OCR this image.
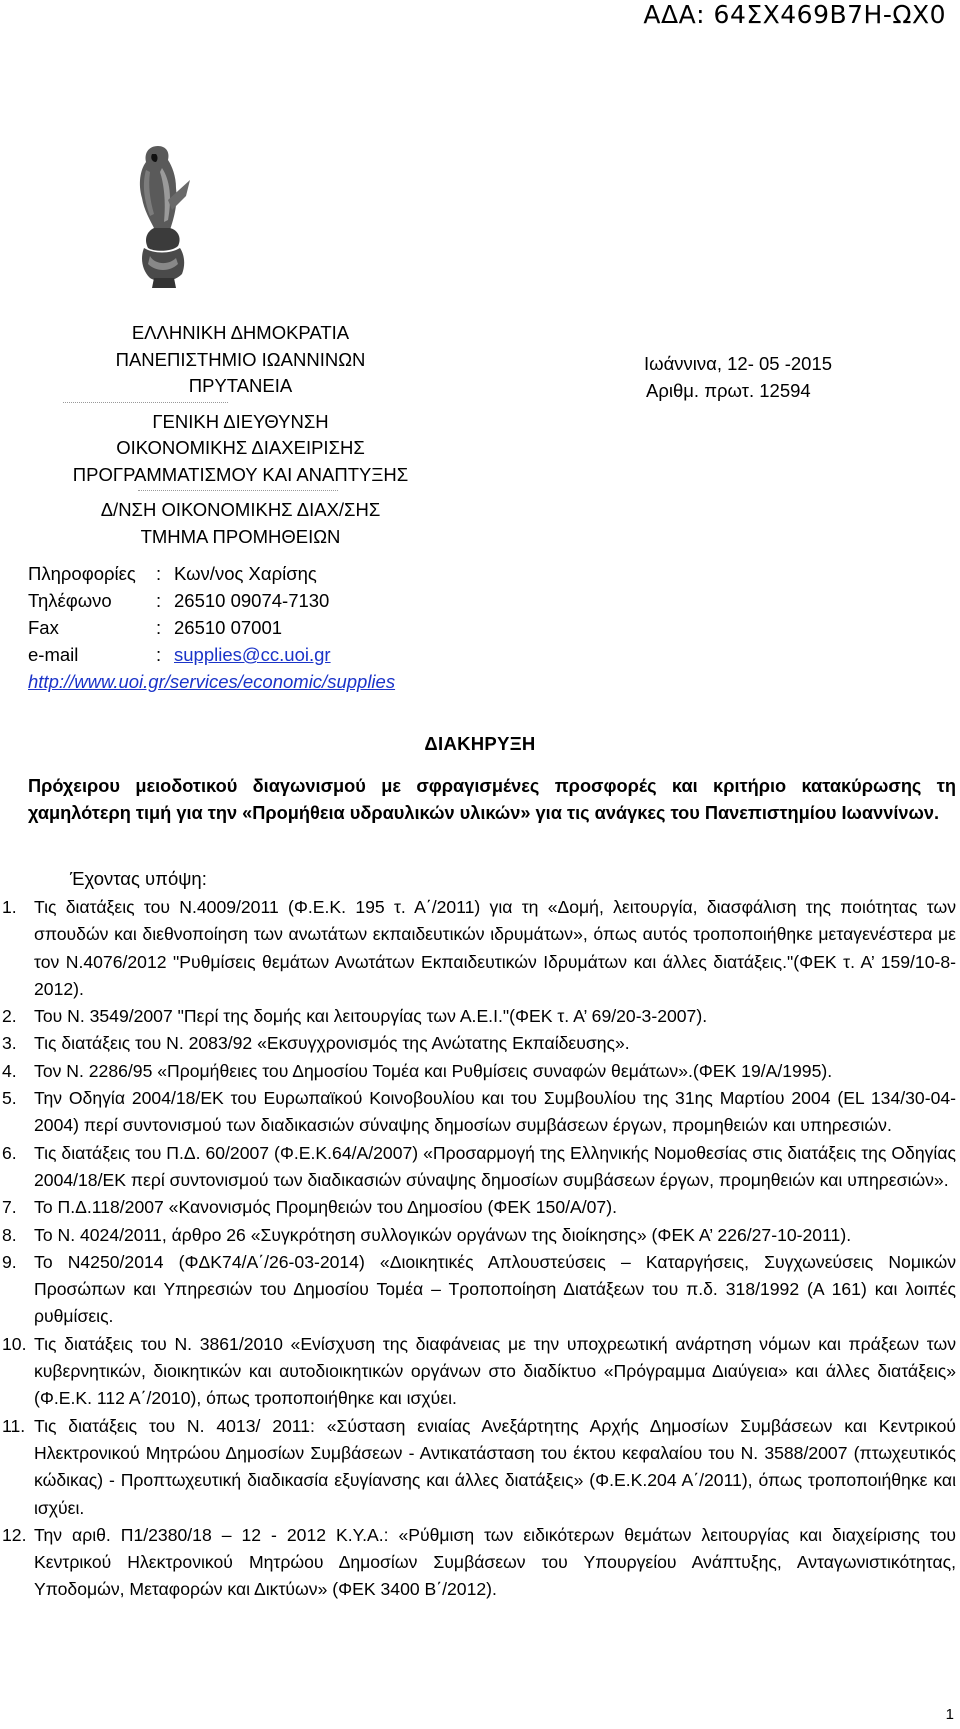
ΑΔΑ: 64ΣΧ469Β7Η-ΩΧ0
ΕΛΛΗΝΙΚΗ ΔΗΜΟΚΡΑΤΙΑ
ΠΑΝΕΠΙΣΤΗΜΙΟ ΙΩΑΝΝΙΝΩΝ
ΠΡΥΤΑΝΕΙΑ
ΓΕΝΙΚΗ ΔΙΕΥΘΥΝΣΗ
ΟΙΚΟΝΟΜΙΚΗΣ ΔΙΑΧΕΙΡΙΣΗΣ
ΠΡΟΓΡΑΜΜΑΤΙΣΜΟΥ ΚΑΙ ΑΝΑΠΤΥΞΗΣ
Δ/ΝΣΗ ΟΙΚΟΝΟΜΙΚΗΣ ΔΙΑΧ/ΣΗΣ
ΤΜΗΜΑ ΠΡΟΜΗΘΕΙΩΝ
Πληροφορίες	: Κων/νος Χαρίσης
Τηλέφωνο	: 26510 09074-7130
Fax	: 26510 07001
e-mail	: supplies@cc.uoi.gr
http://www.uoi.gr/services/economic/supplies
Ιωάννινα, 12- 05 -2015
Αριθμ. πρωτ. 12594
ΔΙΑΚΗΡΥΞΗ
Πρόχειρου μειοδοτικού διαγωνισμού με σφραγισμένες προσφορές και κριτήριο κατακύρωσης τη χαμηλότερη τιμή για την «Προμήθεια υδραυλικών υλικών» για τις ανάγκες του Πανεπιστημίου Ιωαννίνων.
Έχοντας υπόψη:
1. Τις διατάξεις του Ν.4009/2011 (Φ.Ε.Κ. 195 τ. Α΄/2011) για τη «Δομή, λειτουργία, διασφάλιση της ποιότητας των σπουδών και διεθνοποίηση των ανωτάτων εκπαιδευτικών ιδρυμάτων», όπως αυτός τροποποιήθηκε μεταγενέστερα με τον Ν.4076/2012 "Ρυθμίσεις θεμάτων Ανωτάτων Εκπαιδευτικών Ιδρυμάτων και άλλες διατάξεις."(ΦΕΚ τ. Α’ 159/10-8-2012).
2. Του Ν. 3549/2007 "Περί της δομής και λειτουργίας των Α.Ε.Ι."(ΦΕΚ τ. Α’ 69/20-3-2007).
3. Τις διατάξεις του Ν. 2083/92 «Εκσυγχρονισμός της Ανώτατης Εκπαίδευσης».
4. Τον Ν. 2286/95 «Προμήθειες του Δημοσίου Τομέα και Ρυθμίσεις συναφών θεμάτων».(ΦΕΚ 19/Α/1995).
5. Την Οδηγία 2004/18/ΕΚ του Ευρωπαϊκού Κοινοβουλίου και του Συμβουλίου της 31ης Μαρτίου 2004 (EL 134/30-04-2004) περί συντονισμού των διαδικασιών σύναψης δημοσίων συμβάσεων έργων, προμηθειών και υπηρεσιών.
6. Τις διατάξεις του Π.Δ. 60/2007 (Φ.Ε.Κ.64/Α/2007) «Προσαρμογή της Ελληνικής Νομοθεσίας στις διατάξεις της Οδηγίας 2004/18/ΕΚ περί συντονισμού των διαδικασιών σύναψης δημοσίων συμβάσεων έργων, προμηθειών και υπηρεσιών».
7. Το Π.Δ.118/2007 «Κανονισμός Προμηθειών του Δημοσίου (ΦΕΚ 150/Α/07).
8. Το Ν. 4024/2011, άρθρο 26 «Συγκρότηση συλλογικών οργάνων της διοίκησης» (ΦΕΚ Α’ 226/27-10-2011).
9. Το Ν4250/2014 (ΦΔΚ74/Α΄/26-03-2014) «Διοικητικές Απλουστεύσεις – Καταργήσεις, Συγχωνεύσεις Νομικών Προσώπων και Υπηρεσιών του Δημοσίου Τομέα – Τροποποίηση Διατάξεων του π.δ. 318/1992 (Α 161) και λοιπές ρυθμίσεις.
10. Τις διατάξεις του Ν. 3861/2010 «Ενίσχυση της διαφάνειας με την υποχρεωτική ανάρτηση νόμων και πράξεων των κυβερνητικών, διοικητικών και αυτοδιοικητικών οργάνων στο διαδίκτυο «Πρόγραμμα Διαύγεια» και άλλες διατάξεις» (Φ.Ε.Κ. 112 Α΄/2010), όπως τροποποιήθηκε και ισχύει.
11. Τις διατάξεις του Ν. 4013/ 2011: «Σύσταση ενιαίας Ανεξάρτητης Αρχής Δημοσίων Συμβάσεων και Κεντρικού Ηλεκτρονικού Μητρώου Δημοσίων Συμβάσεων - Αντικατάσταση του έκτου κεφαλαίου του Ν. 3588/2007 (πτωχευτικός κώδικας) - Προπτωχευτική διαδικασία εξυγίανσης και άλλες διατάξεις» (Φ.Ε.Κ.204 Α΄/2011), όπως τροποποιήθηκε και ισχύει.
12. Την αριθ. Π1/2380/18 – 12 - 2012 Κ.Υ.Α.: «Ρύθμιση των ειδικότερων θεμάτων λειτουργίας και διαχείρισης του Κεντρικού Ηλεκτρονικού Μητρώου Δημοσίων Συμβάσεων του Υπουργείου Ανάπτυξης, Ανταγωνιστικότητας, Υποδομών, Μεταφορών και Δικτύων» (ΦΕΚ 3400 Β΄/2012).
1
